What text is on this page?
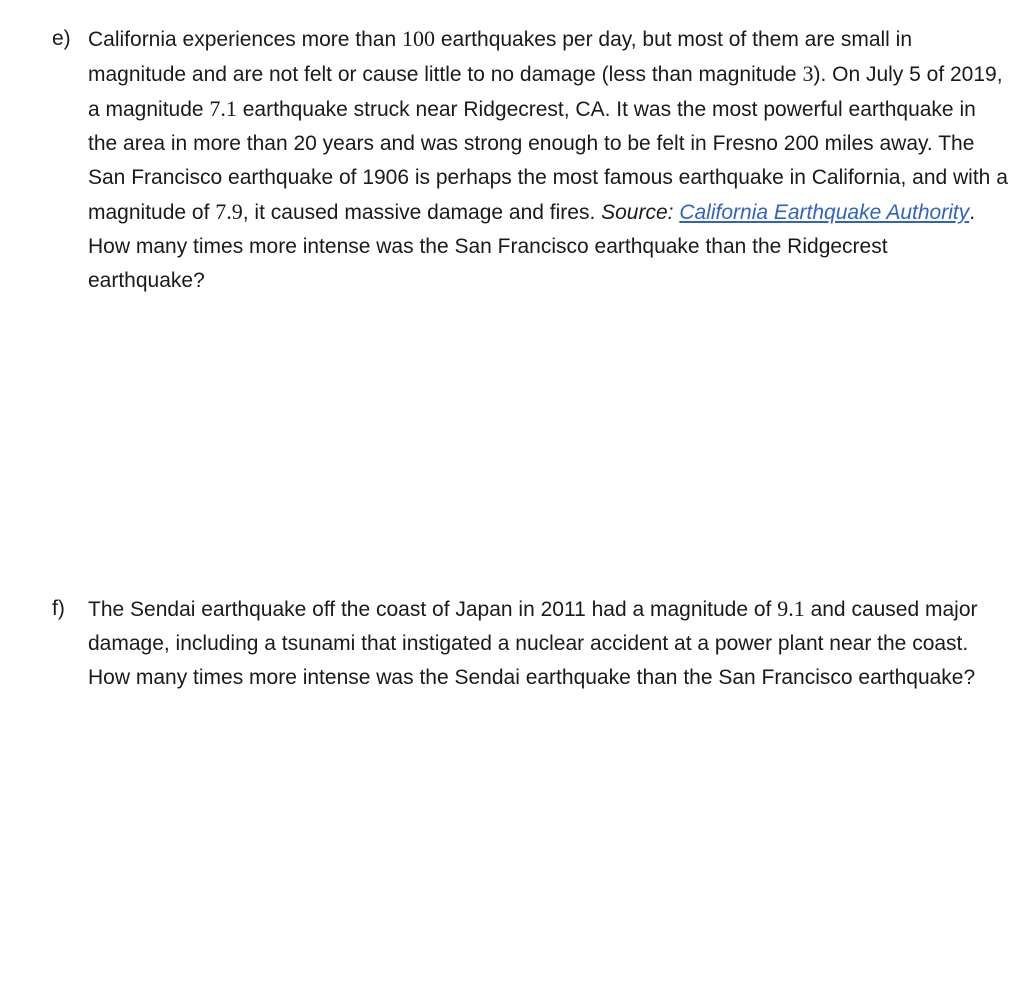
e) California experiences more than 100 earthquakes per day, but most of them are small in magnitude and are not felt or cause little to no damage (less than magnitude 3). On July 5 of 2019, a magnitude 7.1 earthquake struck near Ridgecrest, CA. It was the most powerful earthquake in the area in more than 20 years and was strong enough to be felt in Fresno 200 miles away. The San Francisco earthquake of 1906 is perhaps the most famous earthquake in California, and with a magnitude of 7.9, it caused massive damage and fires. Source: California Earthquake Authority. How many times more intense was the San Francisco earthquake than the Ridgecrest earthquake?
f) The Sendai earthquake off the coast of Japan in 2011 had a magnitude of 9.1 and caused major damage, including a tsunami that instigated a nuclear accident at a power plant near the coast. How many times more intense was the Sendai earthquake than the San Francisco earthquake?
